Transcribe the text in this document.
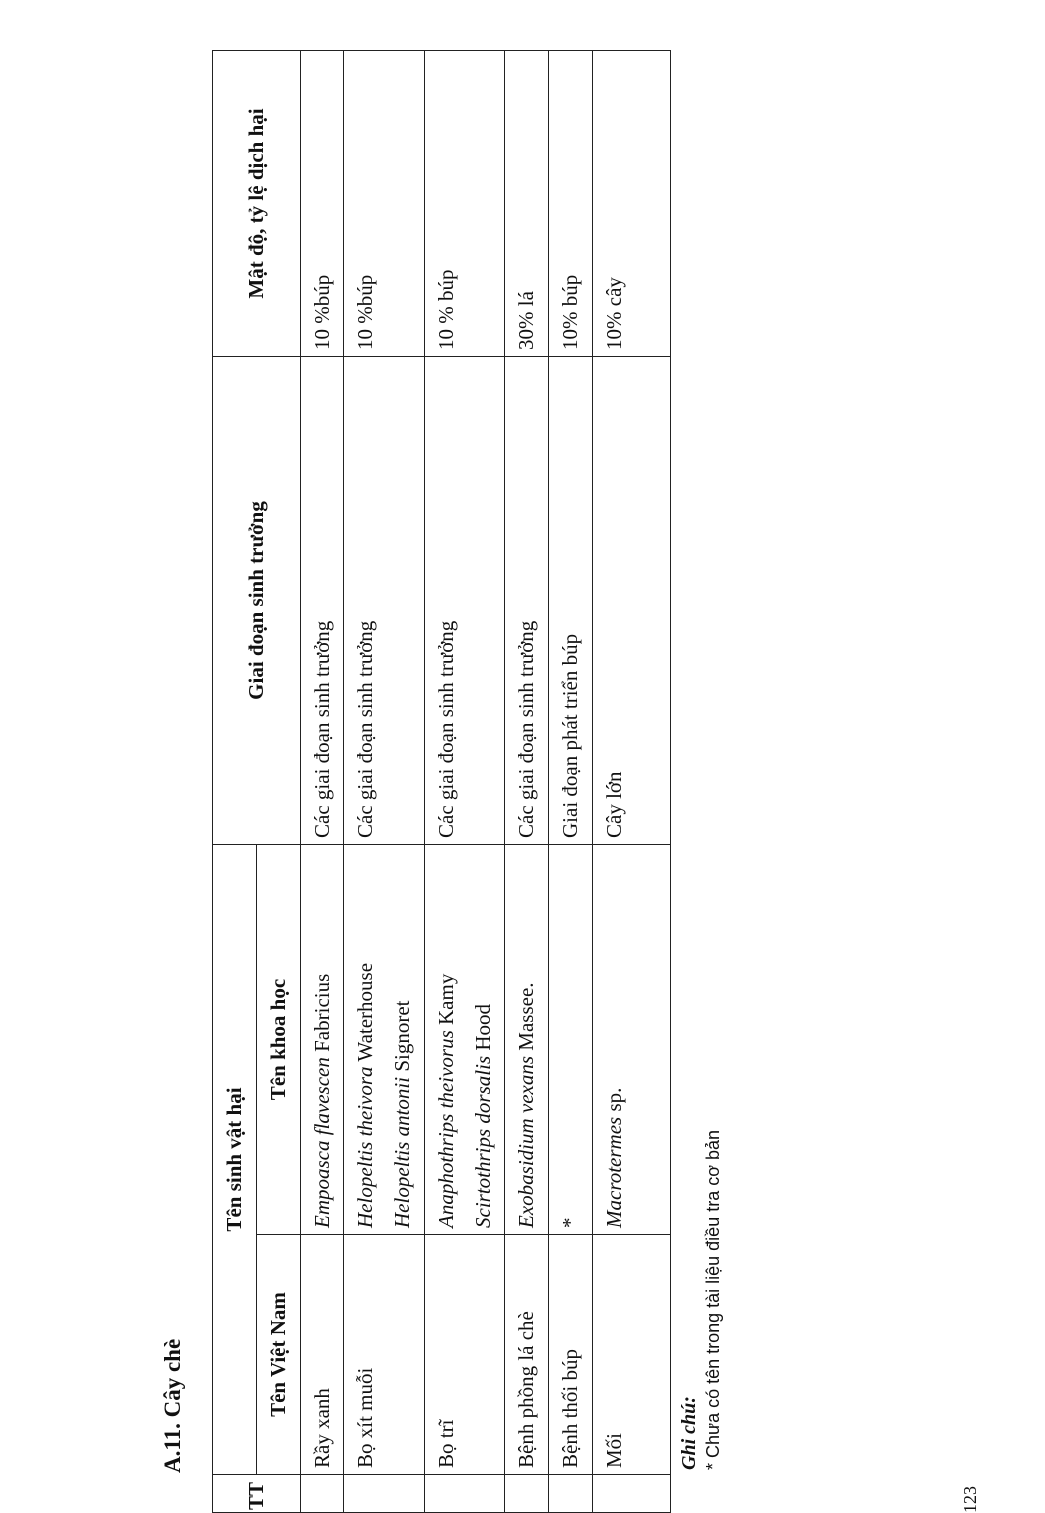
A.11. Cây chè
TT	Tên sinh vật hại		Giai đoạn sinh trưởng	Mật độ, tỷ lệ dịch hại
	Tên Việt Nam	Tên khoa học		
	Rầy xanh	Empoasca flavescen Fabricius	Các giai đoạn sinh trưởng	10 %búp
	Bọ xít muỗi	Helopeltis theivora Waterhouse
Helopeltis antonii Signoret	Các giai đoạn sinh trưởng	10 %búp
	Bọ trĩ	Anaphothrips theivorus Kamy
Scirtothrips dorsalis Hood	Các giai đoạn sinh trưởng	10 % búp
	Bệnh phồng lá chè	Exobasidium vexans Massee.	Các giai đoạn sinh trưởng	30% lá
	Bệnh thối búp	*	Giai đoạn phát triển búp	10% búp
	Mối	Macrotermes sp.	Cây lớn	10% cây
Ghi chú: * Chưa có tên trong tài liệu điều tra cơ bản
123
